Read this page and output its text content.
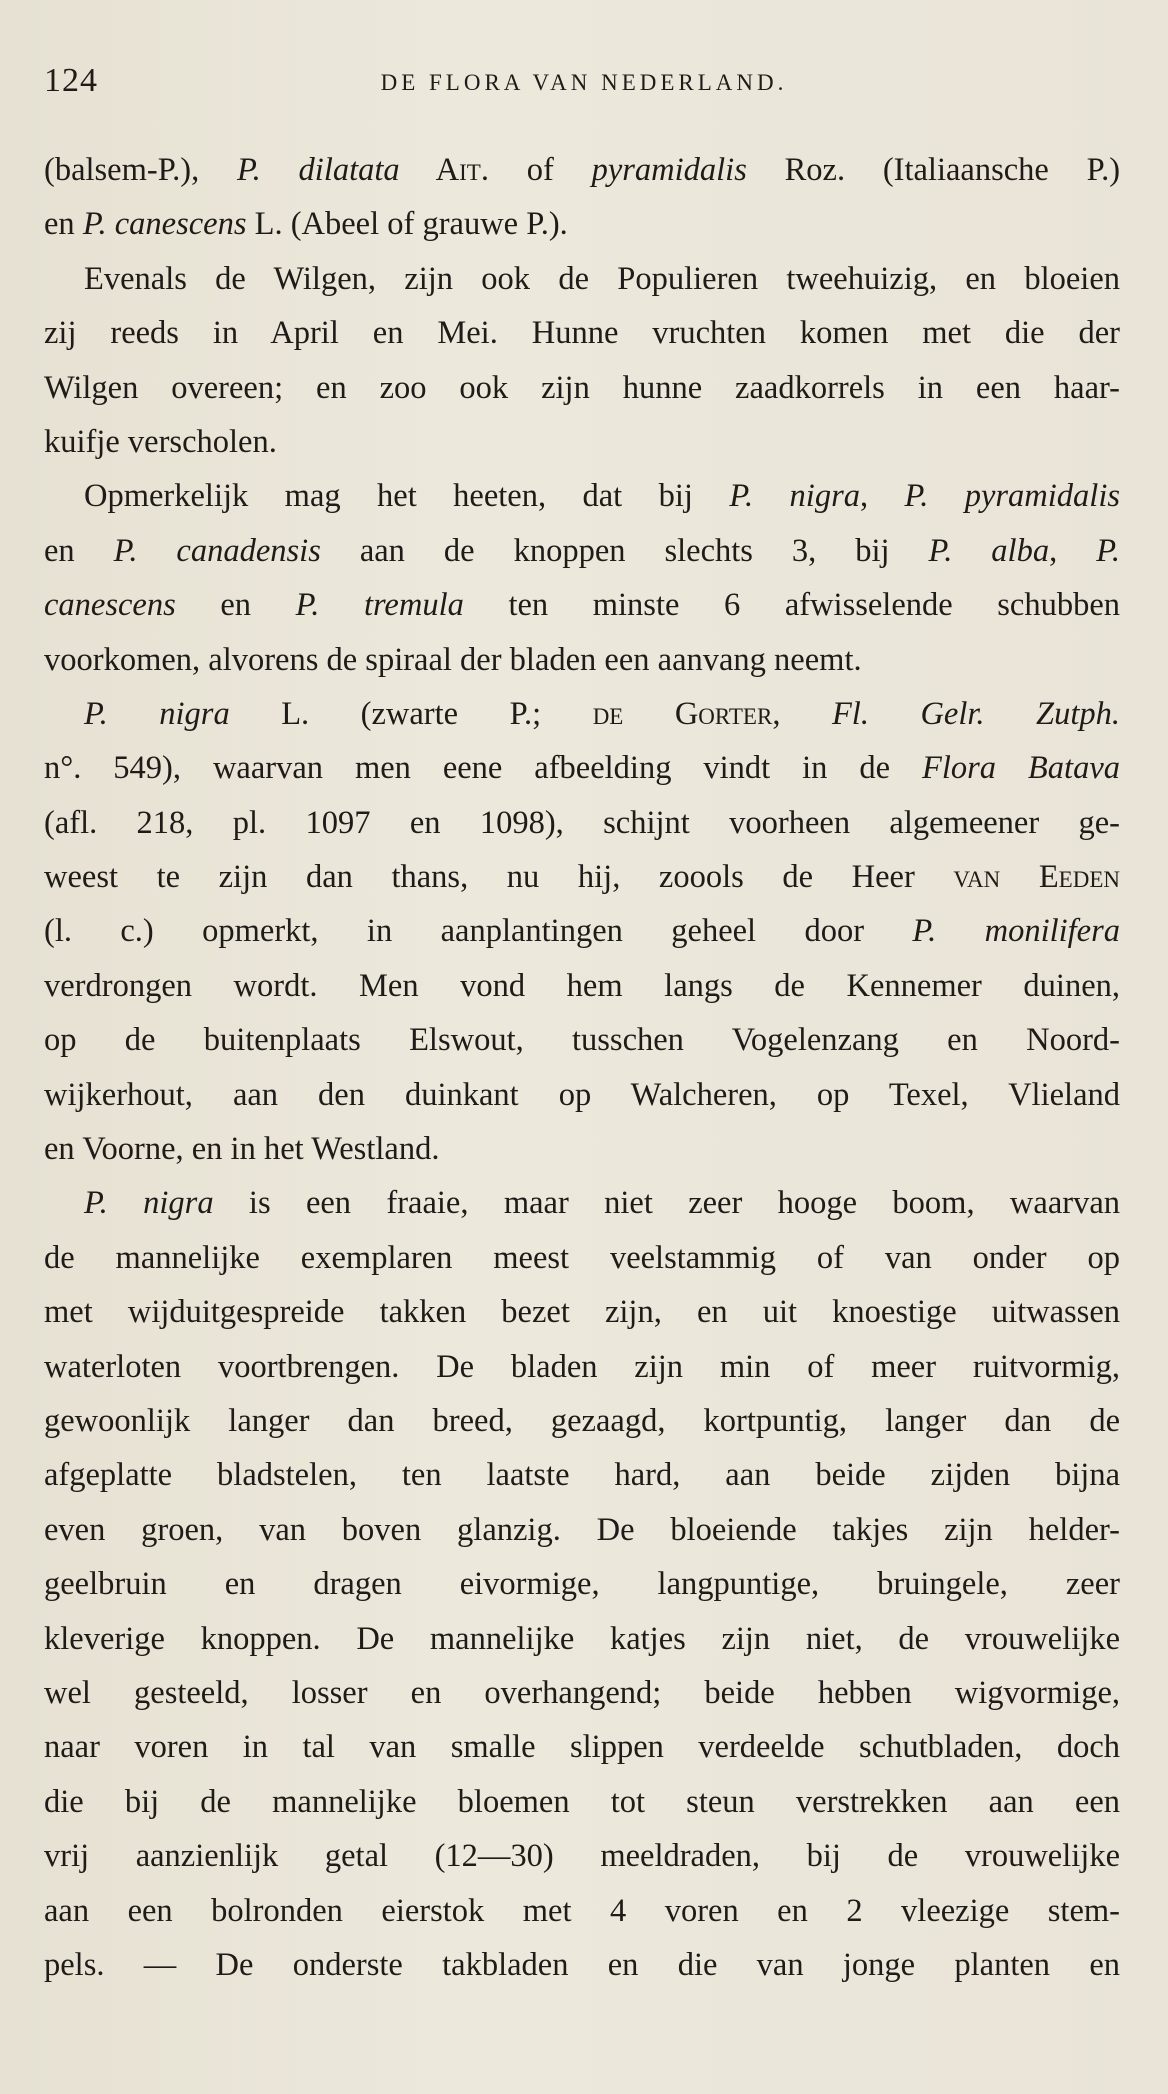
124	DE FLORA VAN NEDERLAND.
(balsem-P.), P. dilatata Ait. of pyramidalis Roz. (Italiaansche P.)
en P. canescens L. (Abeel of grauwe P.).
Evenals de Wilgen, zijn ook de Populieren tweehuizig, en bloeien
zij reeds in April en Mei. Hunne vruchten komen met die der
Wilgen overeen; en zoo ook zijn hunne zaadkorrels in een haar-
kuifje verscholen.
Opmerkelijk mag het heeten, dat bij P. nigra, P. pyramidalis
en P. canadensis aan de knoppen slechts 3, bij P. alba, P.
canescens en P. tremula ten minste 6 afwisselende schubben
voorkomen, alvorens de spiraal der bladen een aanvang neemt.
P. nigra L. (zwarte P.; de Gorter, Fl. Gelr. Zutph.
n°. 549), waarvan men eene afbeelding vindt in de Flora Batava
(afl. 218, pl. 1097 en 1098), schijnt voorheen algemeener ge-
weest te zijn dan thans, nu hij, zoools de Heer van Eeden
(l. c.) opmerkt, in aanplantingen geheel door P. monilifera
verdrongen wordt. Men vond hem langs de Kennemer duinen,
op de buitenplaats Elswout, tusschen Vogelenzang en Noord-
wijkerhout, aan den duinkant op Walcheren, op Texel, Vlieland
en Voorne, en in het Westland.
P. nigra is een fraaie, maar niet zeer hooge boom, waarvan
de mannelijke exemplaren meest veelstammig of van onder op
met wijduitgespreide takken bezet zijn, en uit knoestige uitwassen
waterloten voortbrengen. De bladen zijn min of meer ruitvormig,
gewoonlijk langer dan breed, gezaagd, kortpuntig, langer dan de
afgeplatte bladstelen, ten laatste hard, aan beide zijden bijna
even groen, van boven glanzig. De bloeiende takjes zijn helder-
geelbruin en dragen eivormige, langpuntige, bruingele, zeer
kleverige knoppen. De mannelijke katjes zijn niet, de vrouwelijke
wel gesteeld, losser en overhangend; beide hebben wigvormige,
naar voren in tal van smalle slippen verdeelde schutbladen, doch
die bij de mannelijke bloemen tot steun verstrekken aan een
vrij aanzienlijk getal (12—30) meeldraden, bij de vrouwelijke
aan een bolronden eierstok met 4 voren en 2 vleezige stem-
pels. — De onderste takbladen en die van jonge planten en
